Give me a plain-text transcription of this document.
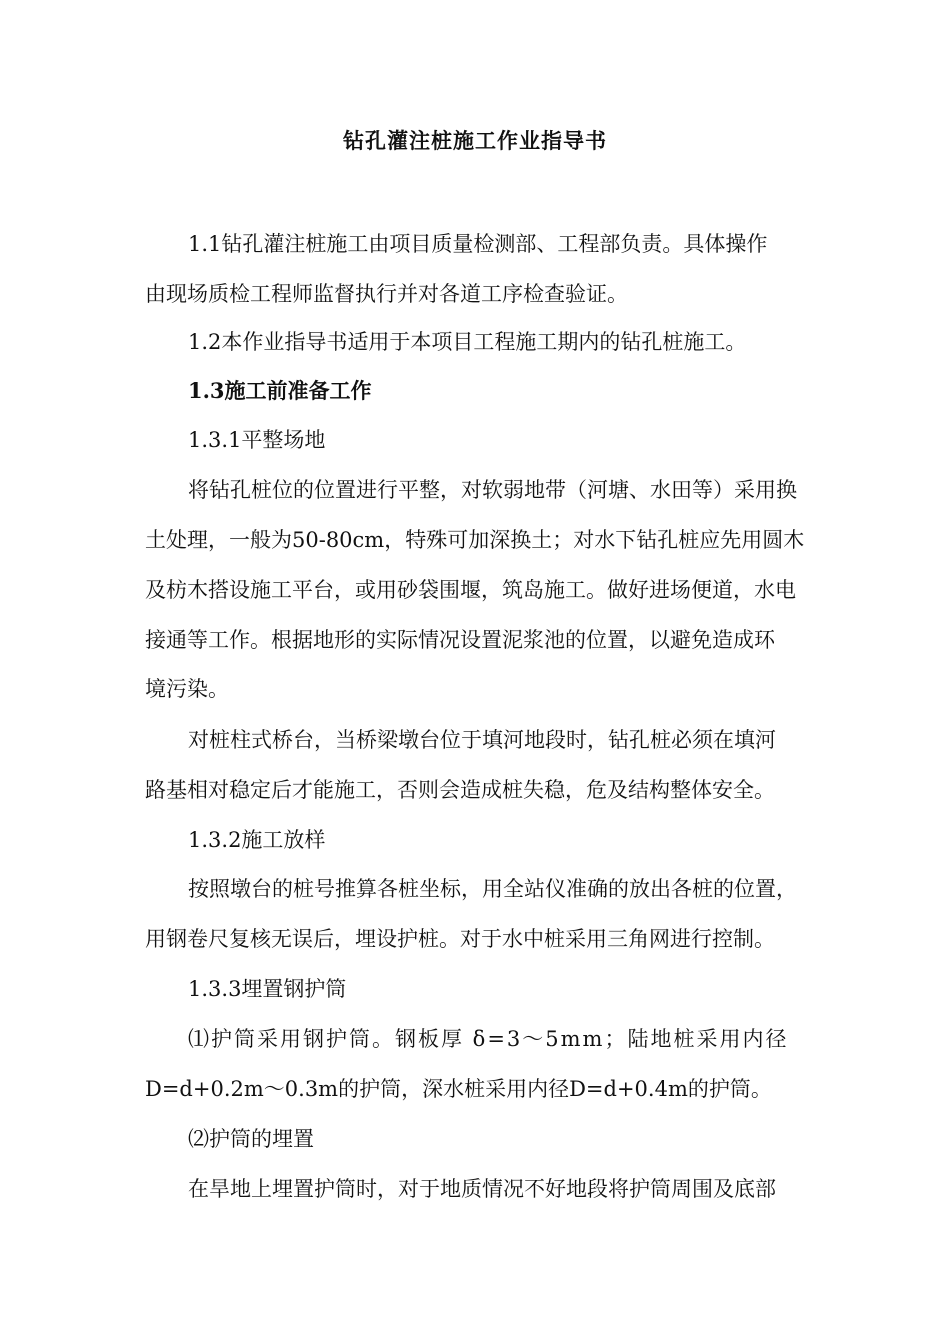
钻孔灌注桩施工作业指导书

1.1钻孔灌注桩施工由项目质量检测部、工程部负责。具体操作

由现场质检工程师监督执行并对各道工序检查验证。

1.2本作业指导书适用于本项目工程施工期内的钻孔桩施工。

1.3施工前准备工作

1.3.1平整场地

将钻孔桩位的位置进行平整，对软弱地带（河塘、水田等）采用换

土处理，一般为50-80cm，特殊可加深换土；对水下钻孔桩应先用圆木

及枋木搭设施工平台，或用砂袋围堰，筑岛施工。做好进场便道，水电

接通等工作。根据地形的实际情况设置泥浆池的位置，以避免造成环

境污染。

对桩柱式桥台，当桥梁墩台位于填河地段时，钻孔桩必须在填河

路基相对稳定后才能施工，否则会造成桩失稳，危及结构整体安全。

1.3.2施工放样

按照墩台的桩号推算各桩坐标，用全站仪准确的放出各桩的位置，

用钢卷尺复核无误后，埋设护桩。对于水中桩采用三角网进行控制。

1.3.3埋置钢护筒

⑴护筒采用钢护筒。钢板厚 δ=3～5mm；陆地桩采用内径

D=d+0.2m～0.3m的护筒，深水桩采用内径D=d+0.4m的护筒。

⑵护筒的埋置

在旱地上埋置护筒时，对于地质情况不好地段将护筒周围及底部
